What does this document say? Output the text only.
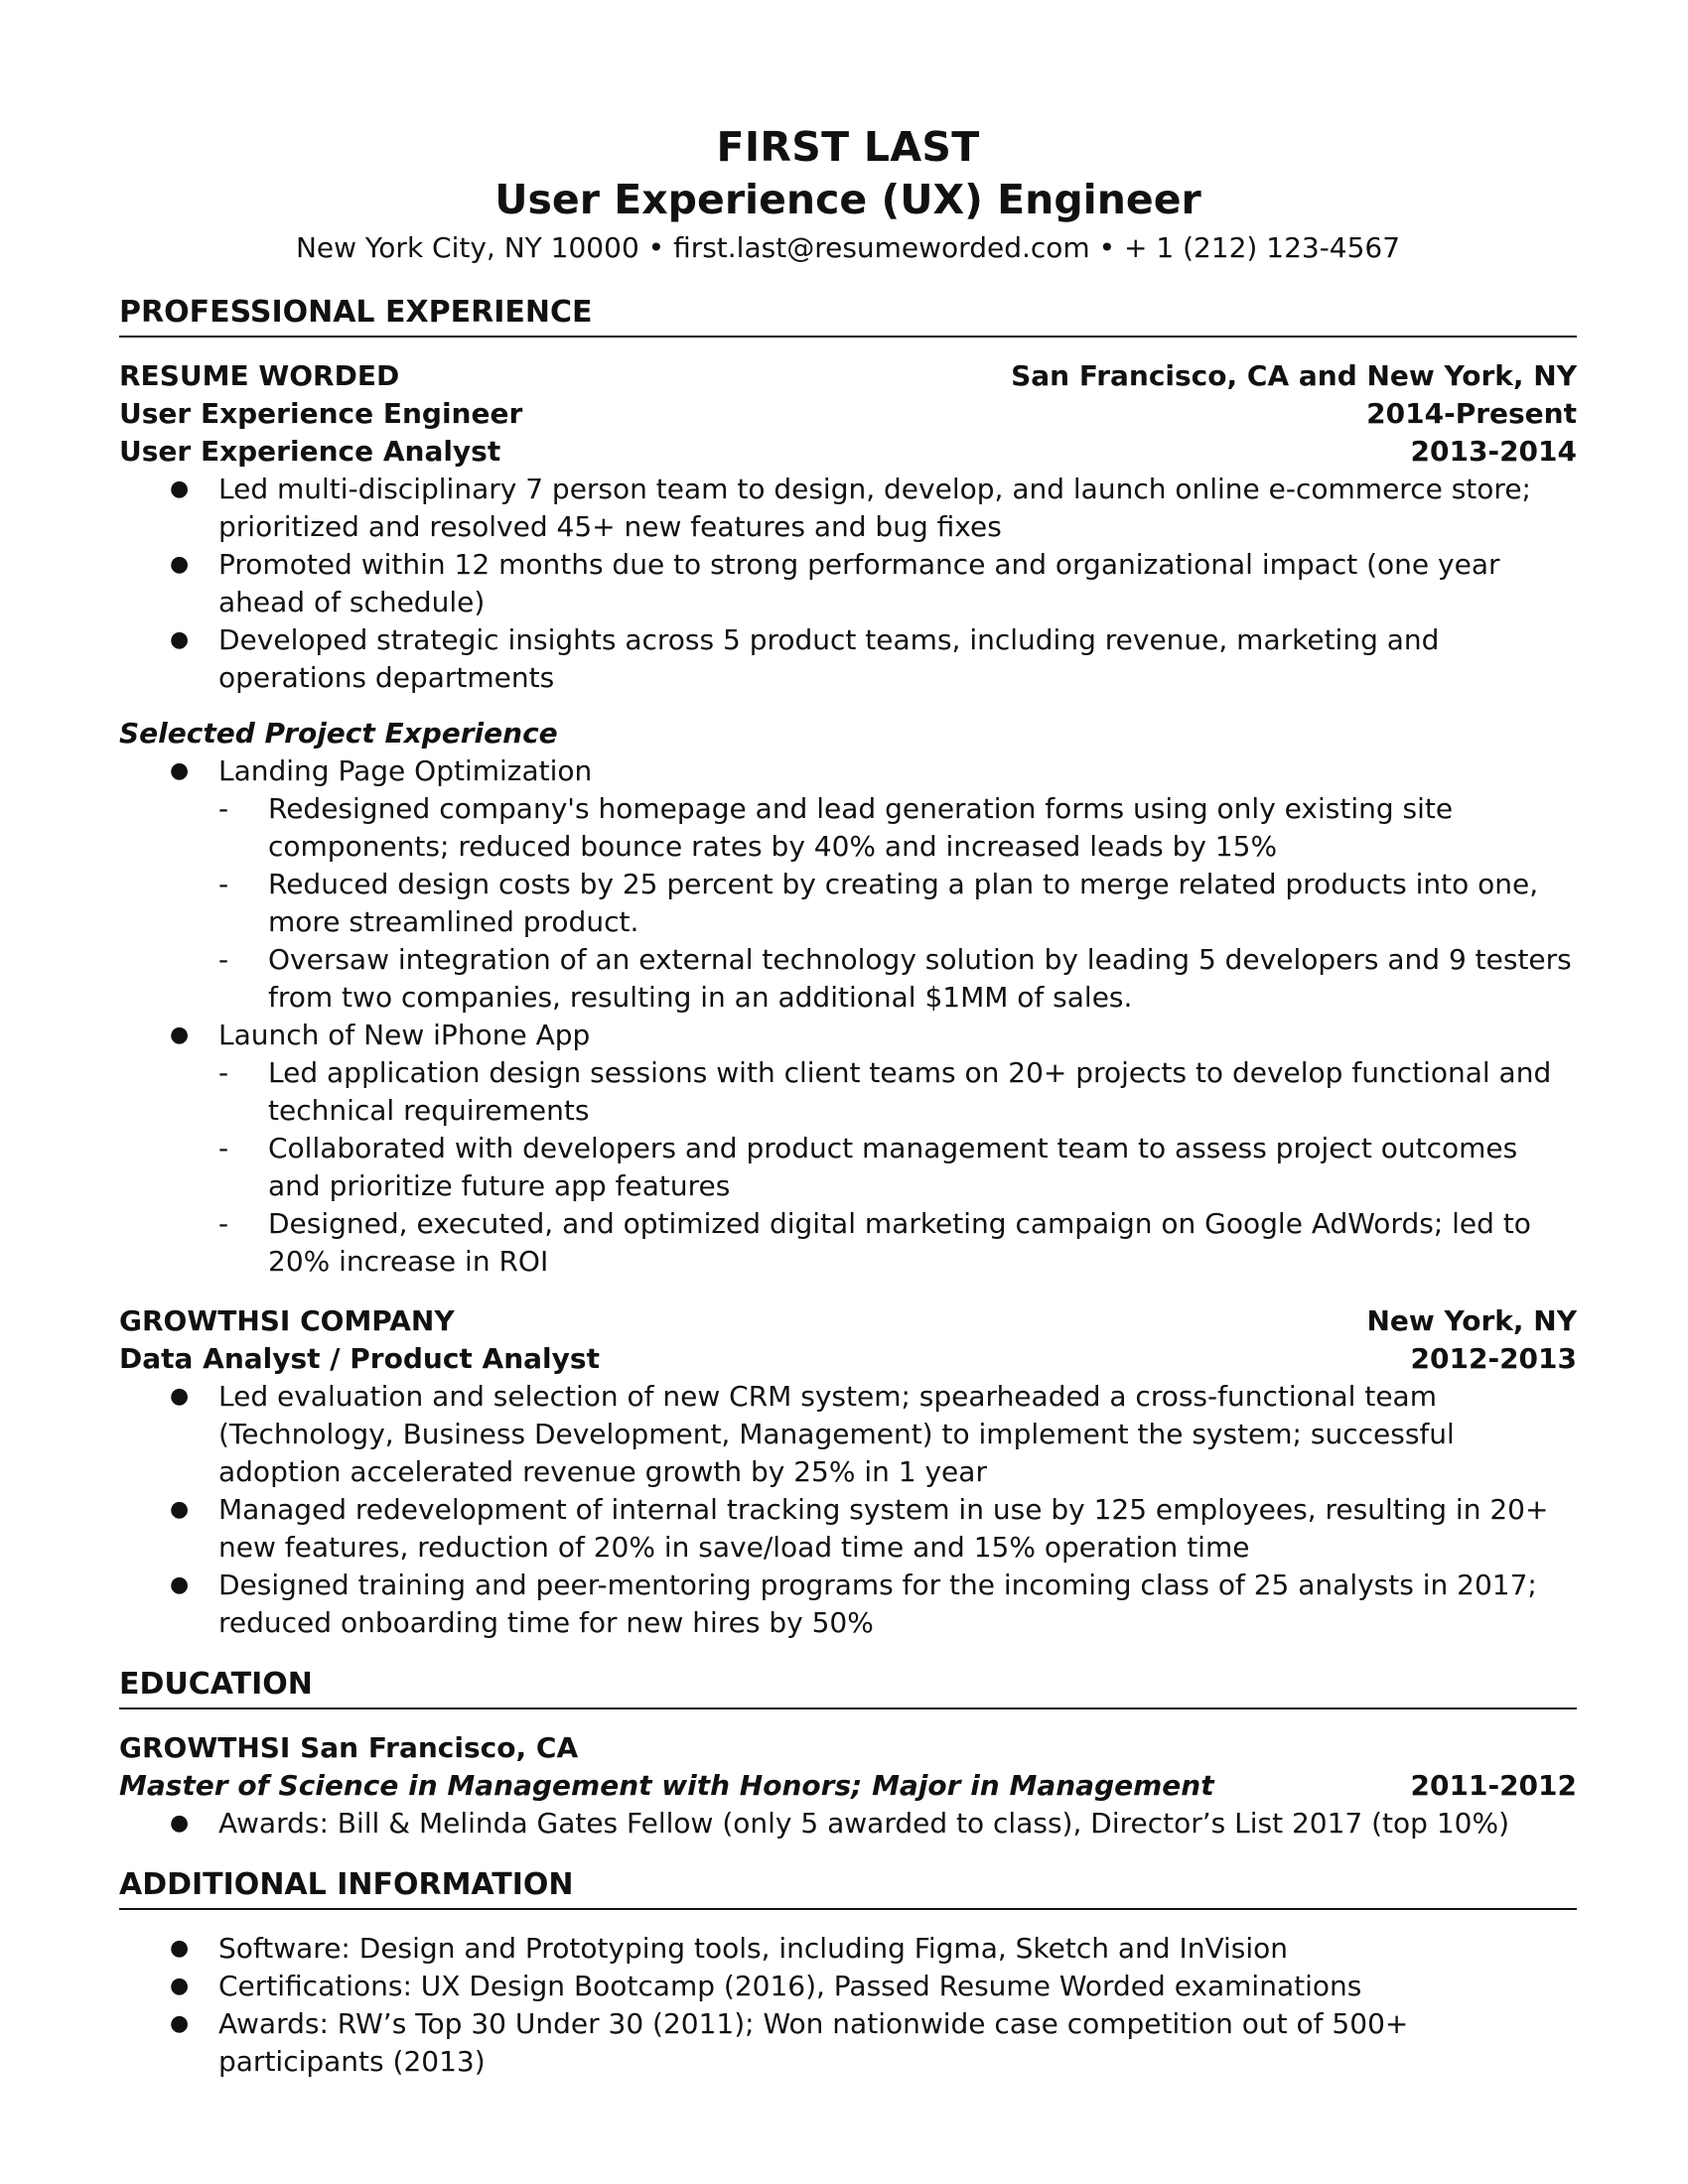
FIRST LAST
User Experience (UX) Engineer
New York City, NY 10000 • first.last@resumeworded.com • + 1 (212) 123-4567
PROFESSIONAL EXPERIENCE
RESUME WORDED	San Francisco, CA and New York, NY
User Experience Engineer	2014-Present
User Experience Analyst	2013-2014
● Led multi-disciplinary 7 person team to design, develop, and launch online e-commerce store; prioritized and resolved 45+ new features and bug fixes
● Promoted within 12 months due to strong performance and organizational impact (one year ahead of schedule)
● Developed strategic insights across 5 product teams, including revenue, marketing and operations departments
Selected Project Experience
● Landing Page Optimization
- Redesigned company's homepage and lead generation forms using only existing site components; reduced bounce rates by 40% and increased leads by 15%
- Reduced design costs by 25 percent by creating a plan to merge related products into one, more streamlined product.
- Oversaw integration of an external technology solution by leading 5 developers and 9 testers from two companies, resulting in an additional $1MM of sales.
● Launch of New iPhone App
- Led application design sessions with client teams on 20+ projects to develop functional and technical requirements
- Collaborated with developers and product management team to assess project outcomes and prioritize future app features
- Designed, executed, and optimized digital marketing campaign on Google AdWords; led to 20% increase in ROI
GROWTHSI COMPANY	New York, NY
Data Analyst / Product Analyst	2012-2013
● Led evaluation and selection of new CRM system; spearheaded a cross-functional team (Technology, Business Development, Management) to implement the system; successful adoption accelerated revenue growth by 25% in 1 year
● Managed redevelopment of internal tracking system in use by 125 employees, resulting in 20+ new features, reduction of 20% in save/load time and 15% operation time
● Designed training and peer-mentoring programs for the incoming class of 25 analysts in 2017; reduced onboarding time for new hires by 50%
EDUCATION
GROWTHSI San Francisco, CA
Master of Science in Management with Honors; Major in Management	2011-2012
● Awards: Bill & Melinda Gates Fellow (only 5 awarded to class), Director’s List 2017 (top 10%)
ADDITIONAL INFORMATION
● Software: Design and Prototyping tools, including Figma, Sketch and InVision
● Certifications: UX Design Bootcamp (2016), Passed Resume Worded examinations
● Awards: RW’s Top 30 Under 30 (2011); Won nationwide case competition out of 500+ participants (2013)
